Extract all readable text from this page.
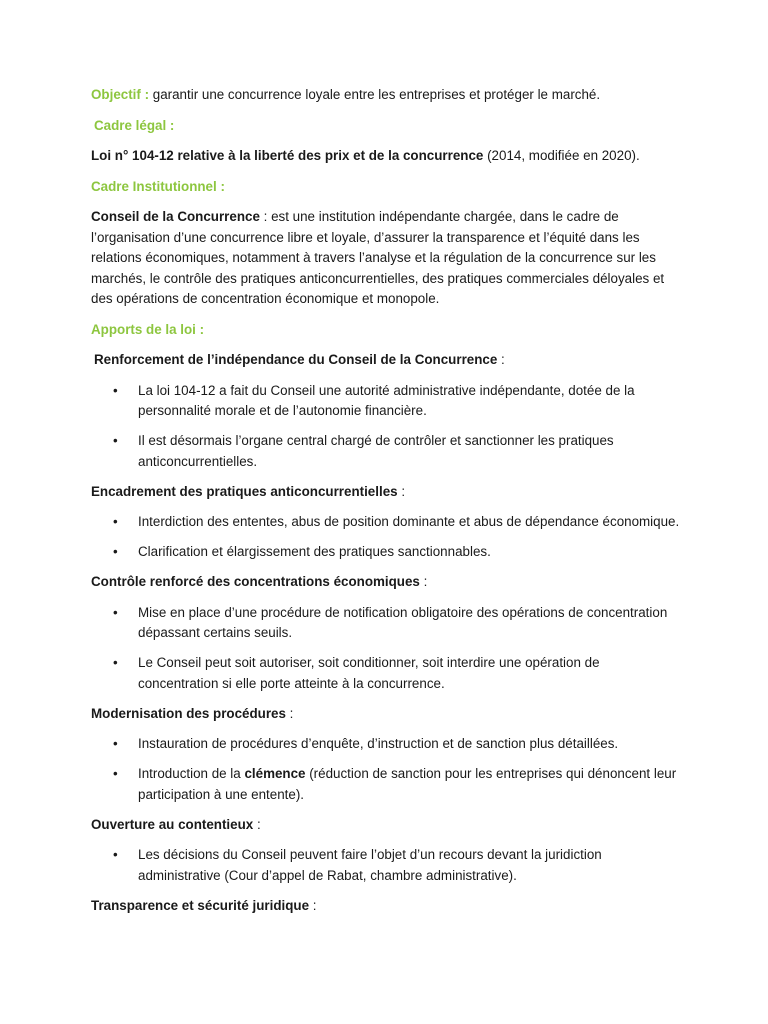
Objectif : garantir une concurrence loyale entre les entreprises et protéger le marché.

Cadre légal :

Loi n° 104-12 relative à la liberté des prix et de la concurrence (2014, modifiée en 2020).

Cadre Institutionnel :

Conseil de la Concurrence : est une institution indépendante chargée, dans le cadre de l’organisation d’une concurrence libre et loyale, d’assurer la transparence et l’équité dans les relations économiques, notamment à travers l’analyse et la régulation de la concurrence sur les marchés, le contrôle des pratiques anticoncurrentielles, des pratiques commerciales déloyales et des opérations de concentration économique et monopole.

Apports de la loi :

Renforcement de l’indépendance du Conseil de la Concurrence :

• La loi 104-12 a fait du Conseil une autorité administrative indépendante, dotée de la personnalité morale et de l’autonomie financière.
• Il est désormais l’organe central chargé de contrôler et sanctionner les pratiques anticoncurrentielles.

Encadrement des pratiques anticoncurrentielles :

• Interdiction des ententes, abus de position dominante et abus de dépendance économique.
• Clarification et élargissement des pratiques sanctionnables.

Contrôle renforcé des concentrations économiques :

• Mise en place d’une procédure de notification obligatoire des opérations de concentration dépassant certains seuils.
• Le Conseil peut soit autoriser, soit conditionner, soit interdire une opération de concentration si elle porte atteinte à la concurrence.

Modernisation des procédures :

• Instauration de procédures d’enquête, d’instruction et de sanction plus détaillées.
• Introduction de la clémence (réduction de sanction pour les entreprises qui dénoncent leur participation à une entente).

Ouverture au contentieux :

• Les décisions du Conseil peuvent faire l’objet d’un recours devant la juridiction administrative (Cour d’appel de Rabat, chambre administrative).

Transparence et sécurité juridique :
